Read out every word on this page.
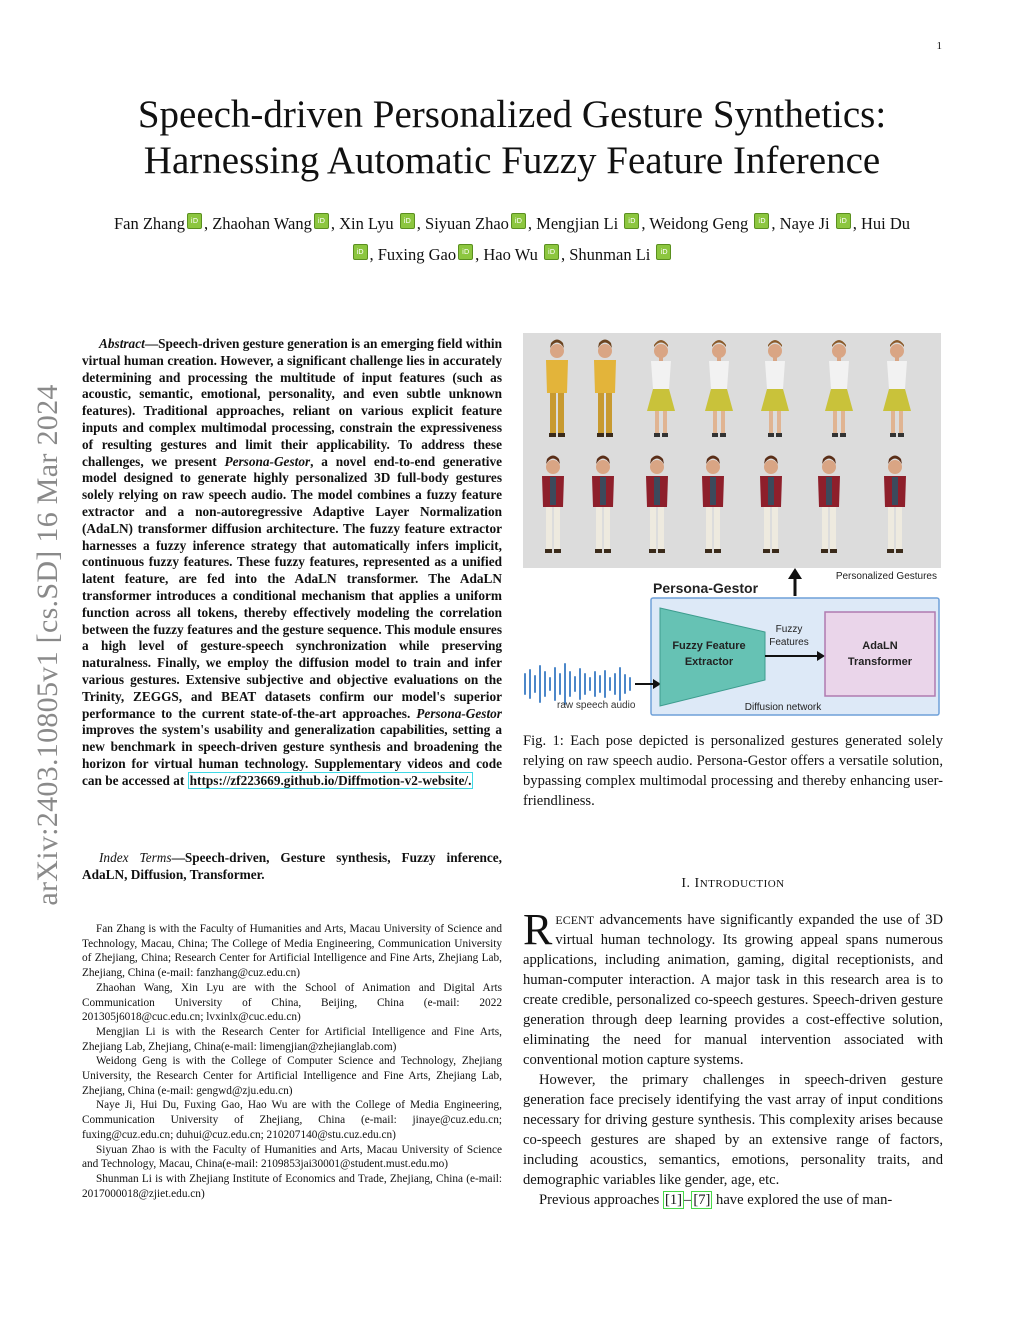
1
arXiv:2403.10805v1 [cs.SD] 16 Mar 2024
Speech-driven Personalized Gesture Synthetics:
Harnessing Automatic Fuzzy Feature Inference
Fan Zhang iD , Zhaohan Wang iD , Xin Lyu iD , Siyuan Zhao iD , Mengjian Li iD , Weidong Geng iD , Naye Ji iD , Hui Du
iD , Fuxing Gao iD , Hao Wu iD , Shunman Li iD
Abstract—Speech-driven gesture generation is an emerging field within virtual human creation. However, a significant challenge lies in accurately determining and processing the multitude of input features (such as acoustic, semantic, emotional, personality, and even subtle unknown features). Traditional approaches, reliant on various explicit feature inputs and complex multimodal processing, constrain the expressiveness of resulting gestures and limit their applicability. To address these challenges, we present Persona-Gestor, a novel end-to-end generative model designed to generate highly personalized 3D full-body gestures solely relying on raw speech audio. The model combines a fuzzy feature extractor and a non-autoregressive Adaptive Layer Normalization (AdaLN) transformer diffusion architecture. The fuzzy feature extractor harnesses a fuzzy inference strategy that automatically infers implicit, continuous fuzzy features. These fuzzy features, represented as a unified latent feature, are fed into the AdaLN transformer. The AdaLN transformer introduces a conditional mechanism that applies a uniform function across all tokens, thereby effectively modeling the correlation between the fuzzy features and the gesture sequence. This module ensures a high level of gesture-speech synchronization while preserving naturalness. Finally, we employ the diffusion model to train and infer various gestures. Extensive subjective and objective evaluations on the Trinity, ZEGGS, and BEAT datasets confirm our model's superior performance to the current state-of-the-art approaches. Persona-Gestor improves the system's usability and generalization capabilities, setting a new benchmark in speech-driven gesture synthesis and broadening the horizon for virtual human technology. Supplementary videos and code can be accessed at https://zf223669.github.io/Diffmotion-v2-website/.
Index Terms—Speech-driven, Gesture synthesis, Fuzzy inference, AdaLN, Diffusion, Transformer.

Fan Zhang is with the Faculty of Humanities and Arts, Macau University of Science and Technology, Macau, China; The College of Media Engineering, Communication University of Zhejiang, China; Research Center for Artificial Intelligence and Fine Arts, Zhejiang Lab, Zhejiang, China (e-mail: fanzhang@cuz.edu.cn)

Zhaohan Wang, Xin Lyu are with the School of Animation and Digital Arts Communication University of China, Beijing, China (e-mail: 2022 201305j6018@cuc.edu.cn; lvxinlx@cuc.edu.cn)

Mengjian Li is with the Research Center for Artificial Intelligence and Fine Arts, Zhejiang Lab, Zhejiang, China(e-mail: limengjian@zhejianglab.com)

Weidong Geng is with the College of Computer Science and Technology, Zhejiang University, the Research Center for Artificial Intelligence and Fine Arts, Zhejiang Lab, Zhejiang, China (e-mail: gengwd@zju.edu.cn)

Naye Ji, Hui Du, Fuxing Gao, Hao Wu are with the College of Media Engineering, Communication University of Zhejiang, China (e-mail: jinaye@cuz.edu.cn; fuxing@cuz.edu.cn; duhui@cuz.edu.cn; 210207140@stu.cuz.edu.cn)

Siyuan Zhao is with the Faculty of Humanities and Arts, Macau University of Science and Technology, Macau, China(e-mail: 2109853jai30001@student.must.edu.mo)

Shunman Li is with Zhejiang Institute of Economics and Trade, Zhejiang, China (e-mail: 2017000018@zjiet.edu.cn)

Personalized Gestures
Persona-Gestor
raw speech audio
Fuzzy Feature
Extractor
Fuzzy
Features	AdaLN
Transformer
Diffusion network
Fig. 1: Each pose depicted is personalized gestures generated solely relying on raw speech audio. Persona-Gestor offers a versatile solution, bypassing complex multimodal processing and thereby enhancing user-friendliness.
I. INTRODUCTION

RECENT advancements have significantly expanded the use of 3D virtual human technology. Its growing appeal spans numerous applications, including animation, gaming, digital receptionists, and human-computer interaction. A major task in this research area is to create credible, personalized co-speech gestures. Speech-driven gesture generation through deep learning provides a cost-effective solution, eliminating the need for manual intervention associated with conventional motion capture systems.

However, the primary challenges in speech-driven gesture generation face precisely identifying the vast array of input conditions necessary for driving gesture synthesis. This complexity arises because co-speech gestures are shaped by an extensive range of factors, including acoustics, semantics, emotions, personality traits, and demographic variables like gender, age, etc.

Previous approaches [1] – [7] have explored the use of man-
